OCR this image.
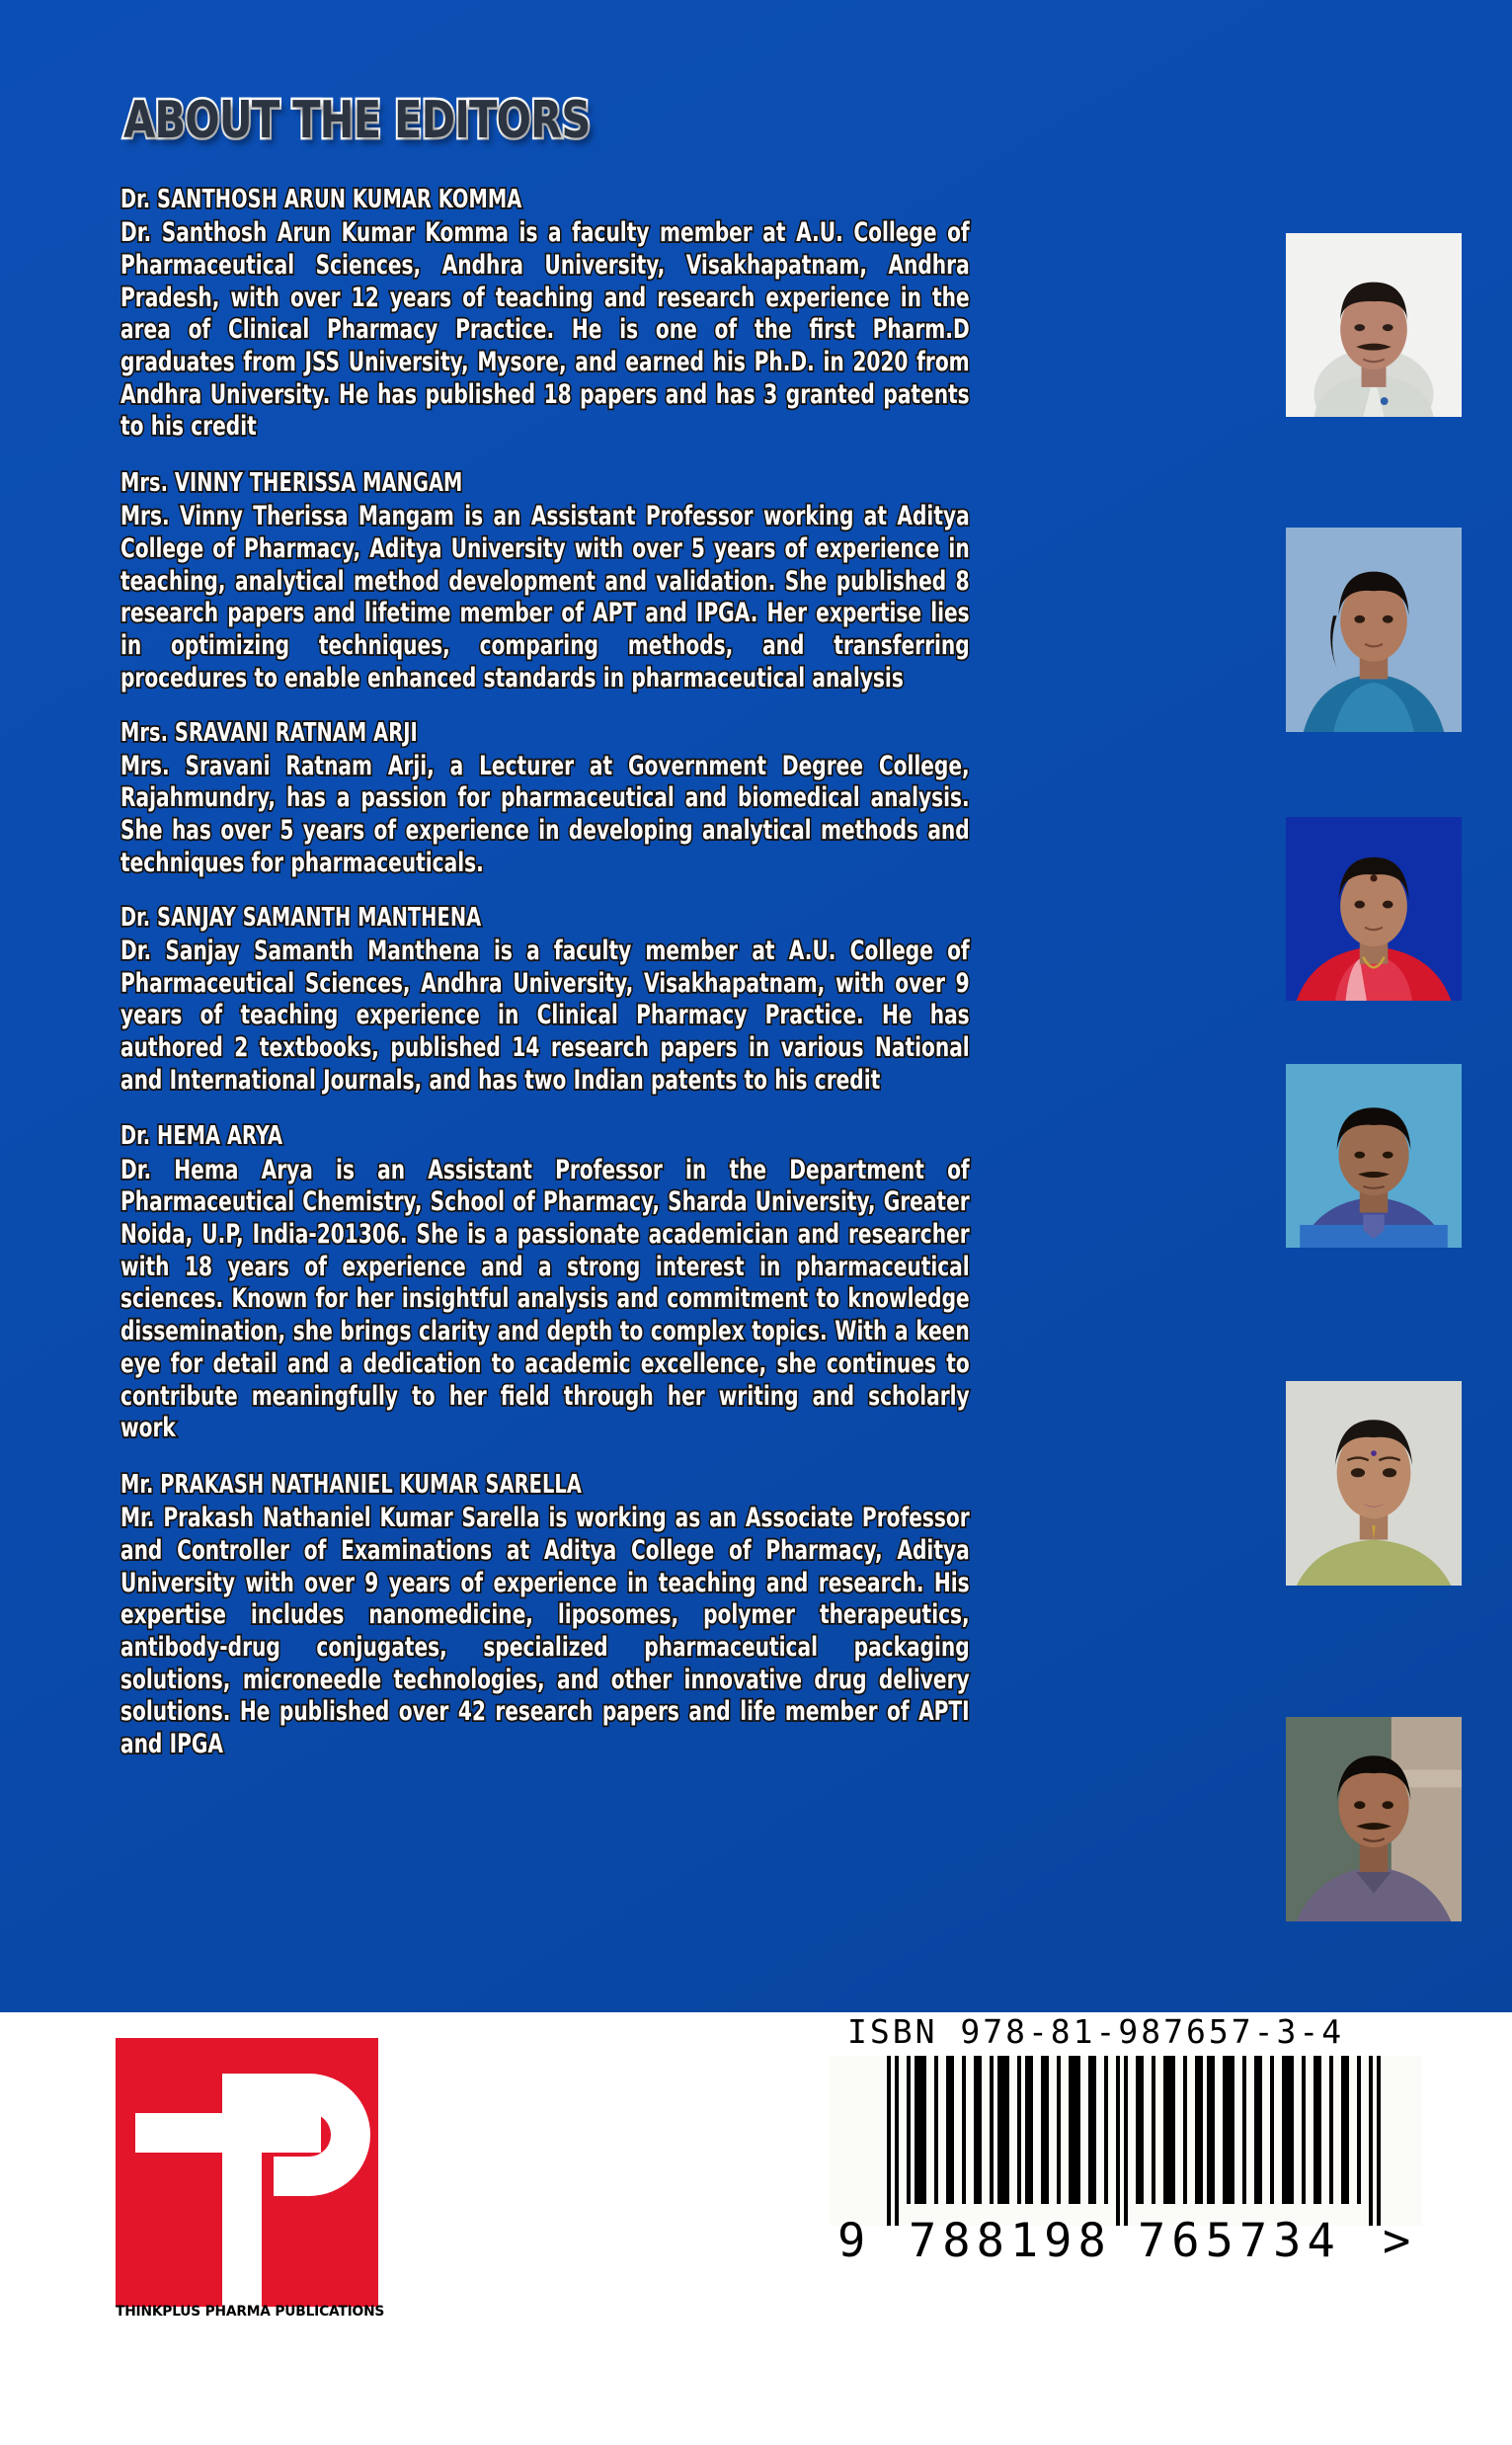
ABOUT THE EDITORS
Dr. SANTHOSH ARUN KUMAR KOMMA
Dr. Santhosh Arun Kumar Komma is a faculty member at A.U. College of Pharmaceutical Sciences, Andhra University, Visakhapatnam, Andhra Pradesh, with over 12 years of teaching and research experience in the area of Clinical Pharmacy Practice. He is one of the first Pharm.D graduates from JSS University, Mysore, and earned his Ph.D. in 2020 from Andhra University. He has published 18 papers and has 3 granted patents to his credit
Mrs. VINNY THERISSA MANGAM
Mrs. Vinny Therissa Mangam is an Assistant Professor working at Aditya College of Pharmacy, Aditya University with over 5 years of experience in teaching, analytical method development and validation. She published 8 research papers and lifetime member of APT and IPGA. Her expertise lies in optimizing techniques, comparing methods, and transferring procedures to enable enhanced standards in pharmaceutical analysis
Mrs. SRAVANI RATNAM ARJI
Mrs. Sravani Ratnam Arji, a Lecturer at Government Degree College, Rajahmundry, has a passion for pharmaceutical and biomedical analysis. She has over 5 years of experience in developing analytical methods and techniques for pharmaceuticals.
Dr. SANJAY SAMANTH MANTHENA
Dr. Sanjay Samanth Manthena is a faculty member at A.U. College of Pharmaceutical Sciences, Andhra University, Visakhapatnam, with over 9 years of teaching experience in Clinical Pharmacy Practice. He has authored 2 textbooks, published 14 research papers in various National and International Journals, and has two Indian patents to his credit
Dr. HEMA ARYA
Dr. Hema Arya is an Assistant Professor in the Department of Pharmaceutical Chemistry, School of Pharmacy, Sharda University, Greater Noida, U.P, India-201306. She is a passionate academician and researcher with 18 years of experience and a strong interest in pharmaceutical sciences. Known for her insightful analysis and commitment to knowledge dissemination, she brings clarity and depth to complex topics. With a keen eye for detail and a dedication to academic excellence, she continues to contribute meaningfully to her field through her writing and scholarly work
Mr. PRAKASH NATHANIEL KUMAR SARELLA
Mr. Prakash Nathaniel Kumar Sarella is working as an Associate Professor and Controller of Examinations at Aditya College of Pharmacy, Aditya University with over 9 years of experience in teaching and research. His expertise includes nanomedicine, liposomes, polymer therapeutics, antibody-drug conjugates, specialized pharmaceutical packaging solutions, microneedle technologies, and other innovative drug delivery solutions. He published over 42 research papers and life member of APTI and IPGA
THINKPLUS PHARMA PUBLICATIONS
ISBN 978-81-987657-3-4
9 788198 765734 >
